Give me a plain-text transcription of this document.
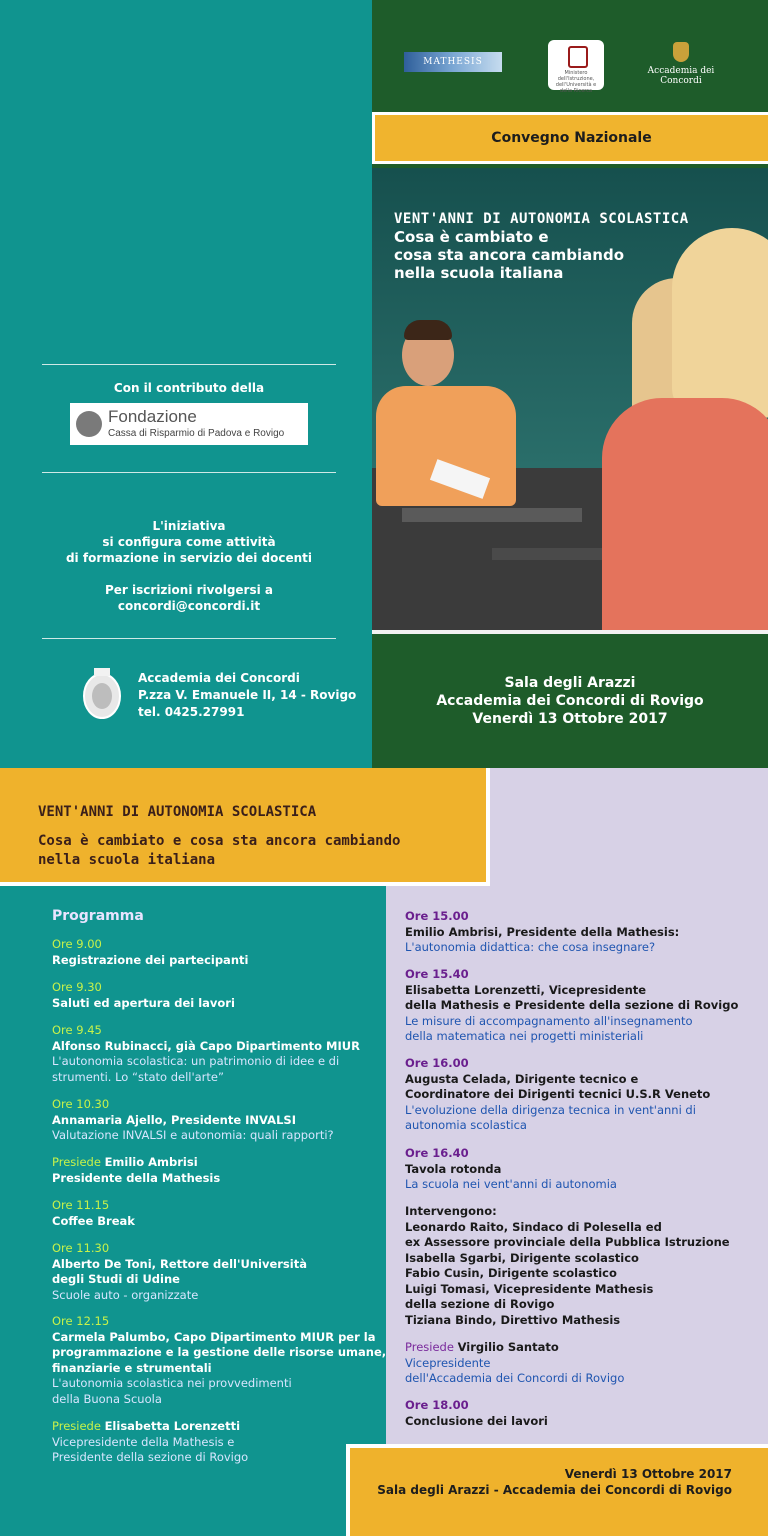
Con il contributo della
Fondazione
Cassa di Risparmio di Padova e Rovigo
L'iniziativa
si configura come attività
di formazione in servizio dei docenti
Per iscrizioni rivolgersi a
concordi@concordi.it
Accademia dei Concordi
P.zza V. Emanuele II, 14 - Rovigo
tel. 0425.27991
MATHESIS
Ministero dell'Istruzione, dell'Università e della Ricerca
Accademia dei Concordi
Convegno Nazionale
VENT'ANNI DI AUTONOMIA SCOLASTICA
Cosa è cambiato e
cosa sta ancora cambiando
nella scuola italiana
Sala degli Arazzi
Accademia dei Concordi di Rovigo
Venerdì 13 Ottobre 2017
VENT'ANNI DI AUTONOMIA SCOLASTICA
Cosa è cambiato e cosa sta ancora cambiando
nella scuola italiana
Programma
Ore 9.00
Registrazione dei partecipanti
Ore 9.30
Saluti ed apertura dei lavori
Ore 9.45
Alfonso Rubinacci, già Capo Dipartimento MIUR
L'autonomia scolastica: un patrimonio di idee e di
strumenti. Lo “stato dell'arte”
Ore 10.30
Annamaria Ajello, Presidente INVALSI
Valutazione INVALSI e autonomia: quali rapporti?
Presiede Emilio Ambrisi
Presidente della Mathesis
Ore 11.15
Coffee Break
Ore 11.30
Alberto De Toni, Rettore dell'Università
degli Studi di Udine
Scuole auto - organizzate
Ore 12.15
Carmela Palumbo, Capo Dipartimento MIUR per la
programmazione e la gestione delle risorse umane,
finanziarie e strumentali
L'autonomia scolastica nei provvedimenti
della Buona Scuola
Presiede Elisabetta Lorenzetti
Vicepresidente della Mathesis e
Presidente della sezione di Rovigo
Ore 15.00
Emilio Ambrisi, Presidente della Mathesis:
L'autonomia didattica: che cosa insegnare?
Ore 15.40
Elisabetta Lorenzetti, Vicepresidente
della Mathesis e Presidente della sezione di Rovigo
Le misure di accompagnamento all'insegnamento
della matematica nei progetti ministeriali
Ore 16.00
Augusta Celada, Dirigente tecnico e
Coordinatore dei Dirigenti tecnici U.S.R Veneto
L'evoluzione della dirigenza tecnica in vent'anni di
autonomia scolastica
Ore 16.40
Tavola rotonda
La scuola nei vent'anni di autonomia
Intervengono:
Leonardo Raito, Sindaco di Polesella ed
ex Assessore provinciale della Pubblica Istruzione
Isabella Sgarbi, Dirigente scolastico
Fabio Cusin, Dirigente scolastico
Luigi Tomasi, Vicepresidente Mathesis
della sezione di Rovigo
Tiziana Bindo, Direttivo Mathesis
Presiede Virgilio Santato
Vicepresidente
dell'Accademia dei Concordi di Rovigo
Ore 18.00
Conclusione dei lavori
Venerdì 13 Ottobre 2017
Sala degli Arazzi - Accademia dei Concordi di Rovigo
